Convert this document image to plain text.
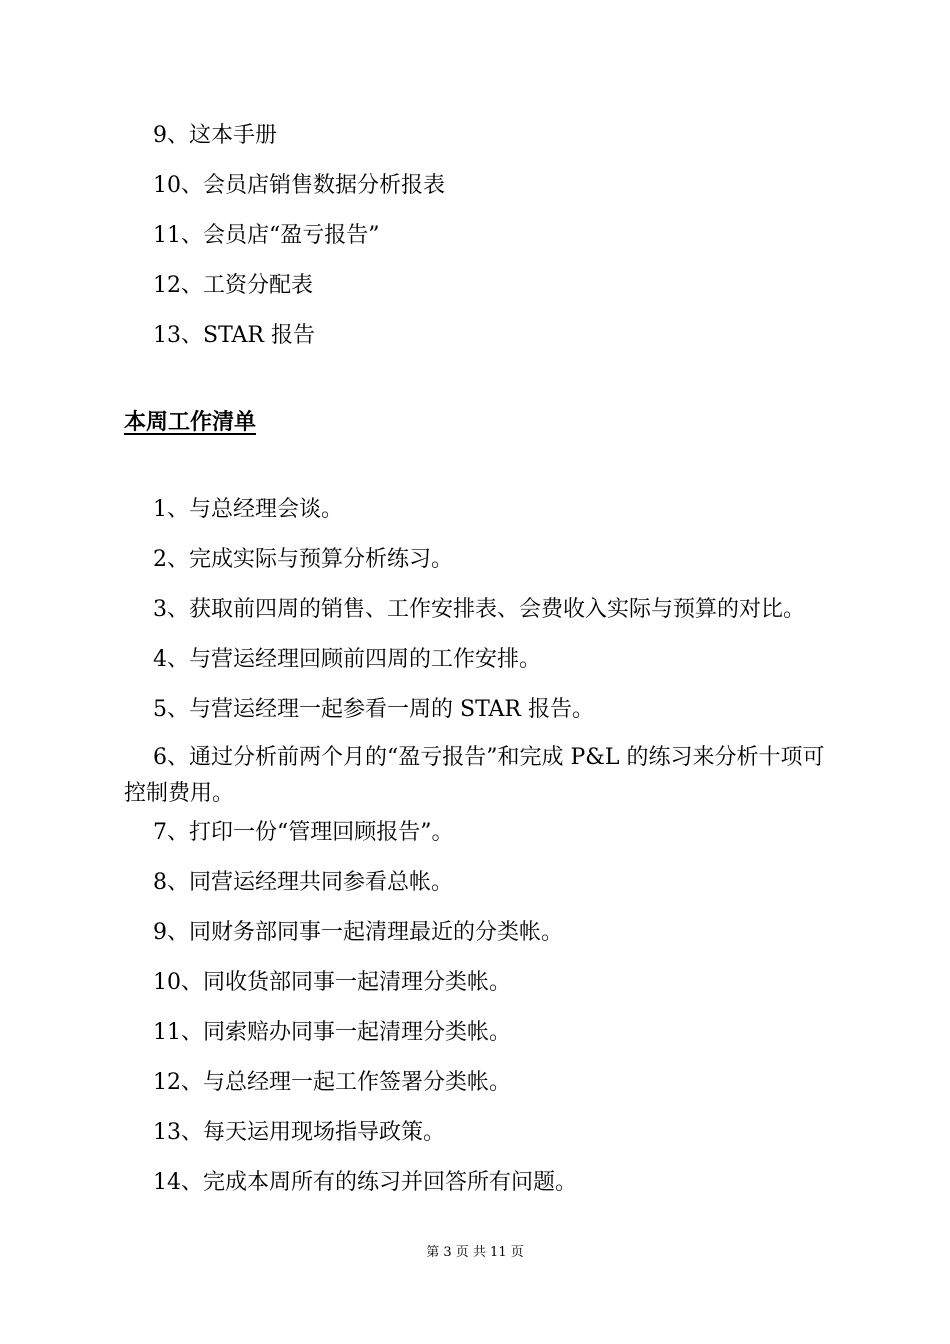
9、这本手册
10、会员店销售数据分析报表
11、会员店“盈亏报告”
12、工资分配表
13、STAR 报告
本周工作清单
1、与总经理会谈。
2、完成实际与预算分析练习。
3、获取前四周的销售、工作安排表、会费收入实际与预算的对比。
4、与营运经理回顾前四周的工作安排。
5、与营运经理一起参看一周的 STAR 报告。
6、通过分析前两个月的“盈亏报告”和完成 P&L 的练习来分析十项可控制费用。
7、打印一份“管理回顾报告”。
8、同营运经理共同参看总帐。
9、同财务部同事一起清理最近的分类帐。
10、同收货部同事一起清理分类帐。
11、同索赔办同事一起清理分类帐。
12、与总经理一起工作签署分类帐。
13、每天运用现场指导政策。
14、完成本周所有的练习并回答所有问题。
第 3 页 共 11 页
